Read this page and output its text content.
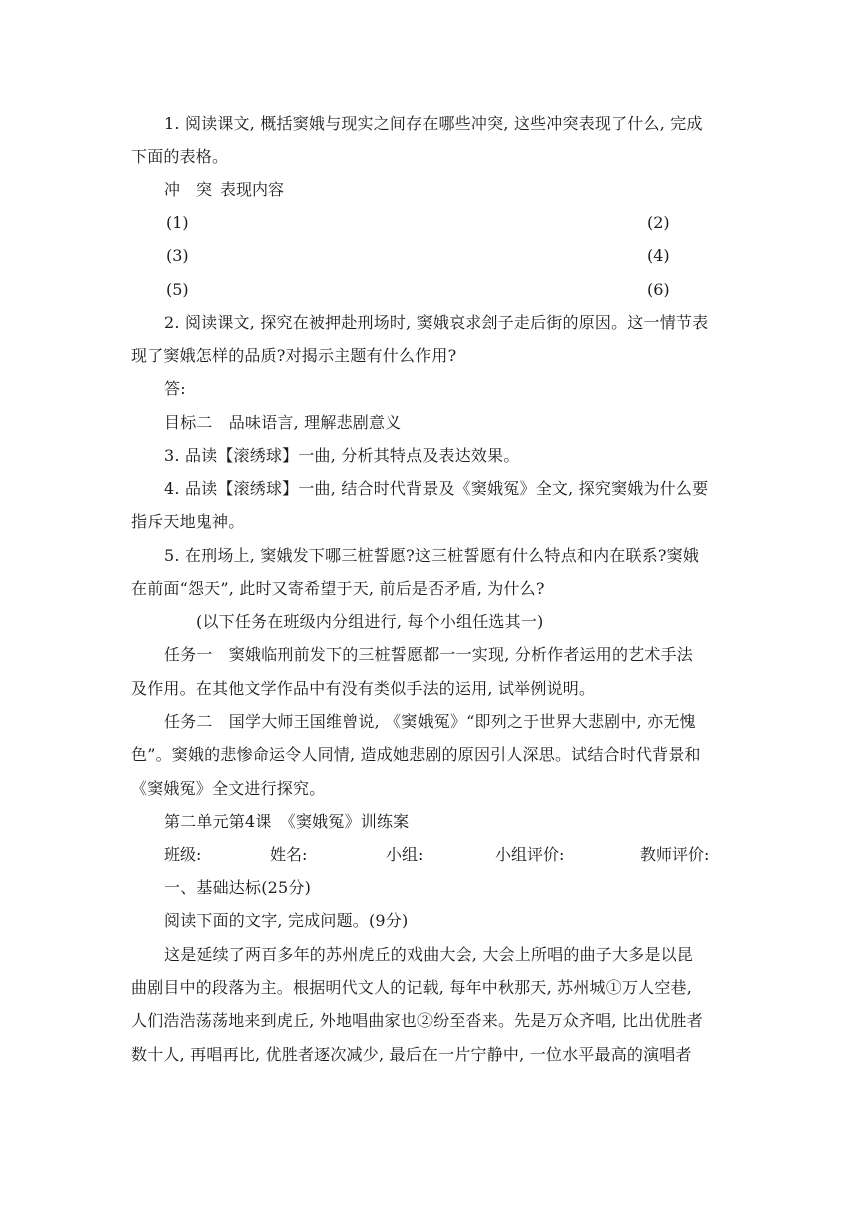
1. 阅读课文, 概括窦娥与现实之间存在哪些冲突, 这些冲突表现了什么, 完成
下面的表格。
冲　突 表现内容
(1)	(2)
(3)	(4)
(5)	(6)
2. 阅读课文, 探究在被押赴刑场时, 窦娥哀求刽子走后街的原因。这一情节表
现了窦娥怎样的品质?对揭示主题有什么作用?
答:
目标二　品味语言, 理解悲剧意义
3. 品读【滚绣球】一曲, 分析其特点及表达效果。
4. 品读【滚绣球】一曲, 结合时代背景及《窦娥冤》全文, 探究窦娥为什么要
指斥天地鬼神。
5. 在刑场上, 窦娥发下哪三桩誓愿?这三桩誓愿有什么特点和内在联系?窦娥
在前面“怨天”, 此时又寄希望于天, 前后是否矛盾, 为什么?
(以下任务在班级内分组进行, 每个小组任选其一)
任务一　窦娥临刑前发下的三桩誓愿都一一实现, 分析作者运用的艺术手法
及作用。在其他文学作品中有没有类似手法的运用, 试举例说明。
任务二　国学大师王国维曾说, 《窦娥冤》“即列之于世界大悲剧中, 亦无愧
色”。窦娥的悲惨命运令人同情, 造成她悲剧的原因引人深思。试结合时代背景和
《窦娥冤》全文进行探究。
第二单元第4课　《窦娥冤》训练案
班级:	姓名:	小组:	小组评价:	教师评价:
一、基础达标(25分)
阅读下面的文字, 完成问题。(9分)
这是延续了两百多年的苏州虎丘的戏曲大会, 大会上所唱的曲子大多是以昆
曲剧目中的段落为主。根据明代文人的记载, 每年中秋那天, 苏州城①万人空巷,
人们浩浩荡荡地来到虎丘, 外地唱曲家也②纷至沓来。先是万众齐唱, 比出优胜者
数十人, 再唱再比, 优胜者逐次减少, 最后在一片宁静中, 一位水平最高的演唱者
